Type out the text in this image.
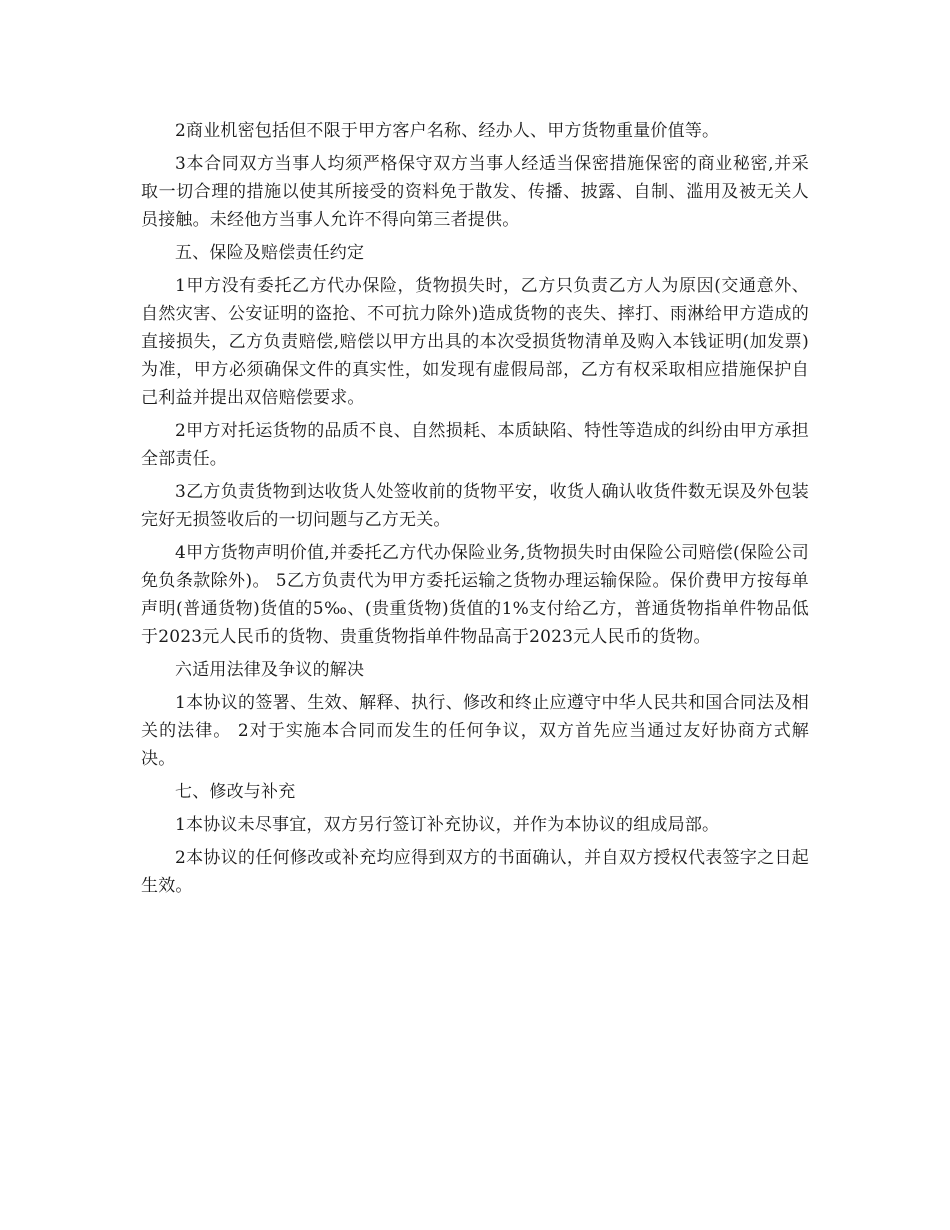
2商业机密包括但不限于甲方客户名称、经办人、甲方货物重量价值等。

3本合同双方当事人均须严格保守双方当事人经适当保密措施保密的商业秘密,并采取一切合理的措施以使其所接受的资料免于散发、传播、披露、自制、滥用及被无关人员接触。未经他方当事人允许不得向第三者提供。

五、保险及赔偿责任约定

1甲方没有委托乙方代办保险，货物损失时，乙方只负责乙方人为原因(交通意外、自然灾害、公安证明的盗抢、不可抗力除外)造成货物的丧失、摔打、雨淋给甲方造成的直接损失，乙方负责赔偿,赔偿以甲方出具的本次受损货物清单及购入本钱证明(加发票)为准，甲方必须确保文件的真实性，如发现有虚假局部，乙方有权采取相应措施保护自己利益并提出双倍赔偿要求。

2甲方对托运货物的品质不良、自然损耗、本质缺陷、特性等造成的纠纷由甲方承担全部责任。

3乙方负责货物到达收货人处签收前的货物平安，收货人确认收货件数无误及外包装完好无损签收后的一切问题与乙方无关。

4甲方货物声明价值,并委托乙方代办保险业务,货物损失时由保险公司赔偿(保险公司免负条款除外)。 5乙方负责代为甲方委托运输之货物办理运输保险。保价费甲方按每单声明(普通货物)货值的5‰、(贵重货物)货值的1%支付给乙方，普通货物指单件物品低于2023元人民币的货物、贵重货物指单件物品高于2023元人民币的货物。

六适用法律及争议的解决

1本协议的签署、生效、解释、执行、修改和终止应遵守中华人民共和国合同法及相关的法律。 2对于实施本合同而发生的任何争议，双方首先应当通过友好协商方式解决。

七、修改与补充

1本协议未尽事宜，双方另行签订补充协议，并作为本协议的组成局部。

2本协议的任何修改或补充均应得到双方的书面确认，并自双方授权代表签字之日起生效。
